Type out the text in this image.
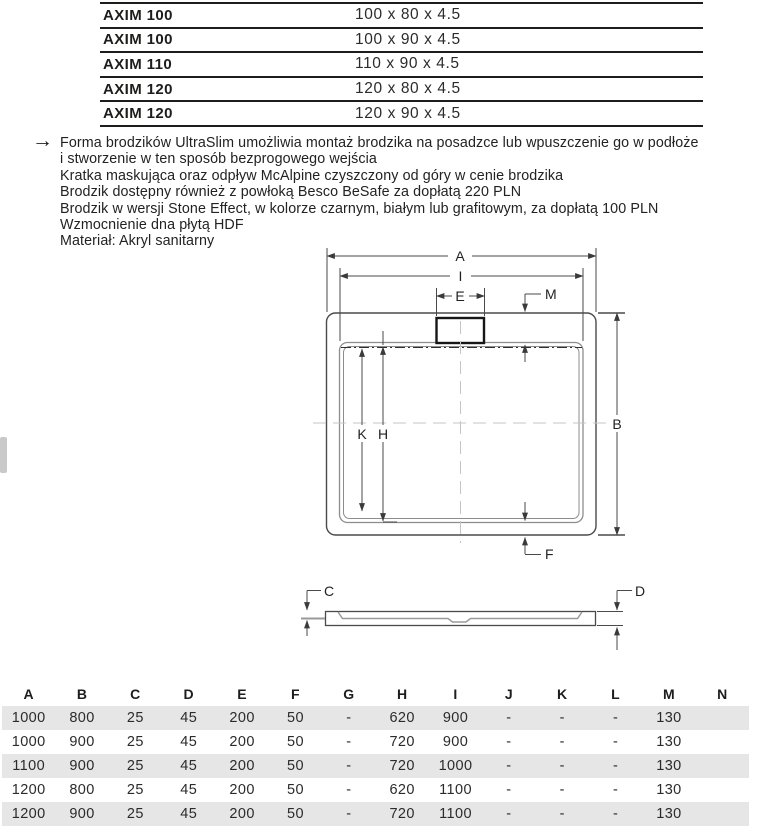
AXIM 100	100 x 80 x 4.5
AXIM 100	100 x 90 x 4.5
AXIM 110	110 x 90 x 4.5
AXIM 120	120 x 80 x 4.5
AXIM 120	120 x 90 x 4.5
→ Forma brodzików UltraSlim umożliwia montaż brodzika na posadzce lub wpuszczenie go w podłoże
i stworzenie w ten sposób bezprogowego wejścia
Kratka maskująca oraz odpływ McAlpine czyszczony od góry w cenie brodzika
Brodzik dostępny również z powłoką Besco BeSafe za dopłatą 220 PLN
Brodzik w wersji Stone Effect, w kolorze czarnym, białym lub grafitowym, za dopłatą 100 PLN
Wzmocnienie dna płytą HDF
Materiał: Akryl sanitarny
A
I
E	M
B
K H
F
C	D
A	B	C	D	E	F	G	H	I	J	K	L	M	N
1000	800	25	45	200	50	-	620	900	-	-	-	130
1000	900	25	45	200	50	-	720	900	-	-	-	130
1100	900	25	45	200	50	-	720	1000	-	-	-	130
1200	800	25	45	200	50	-	620	1100	-	-	-	130
1200	900	25	45	200	50	-	720	1100	-	-	-	130
